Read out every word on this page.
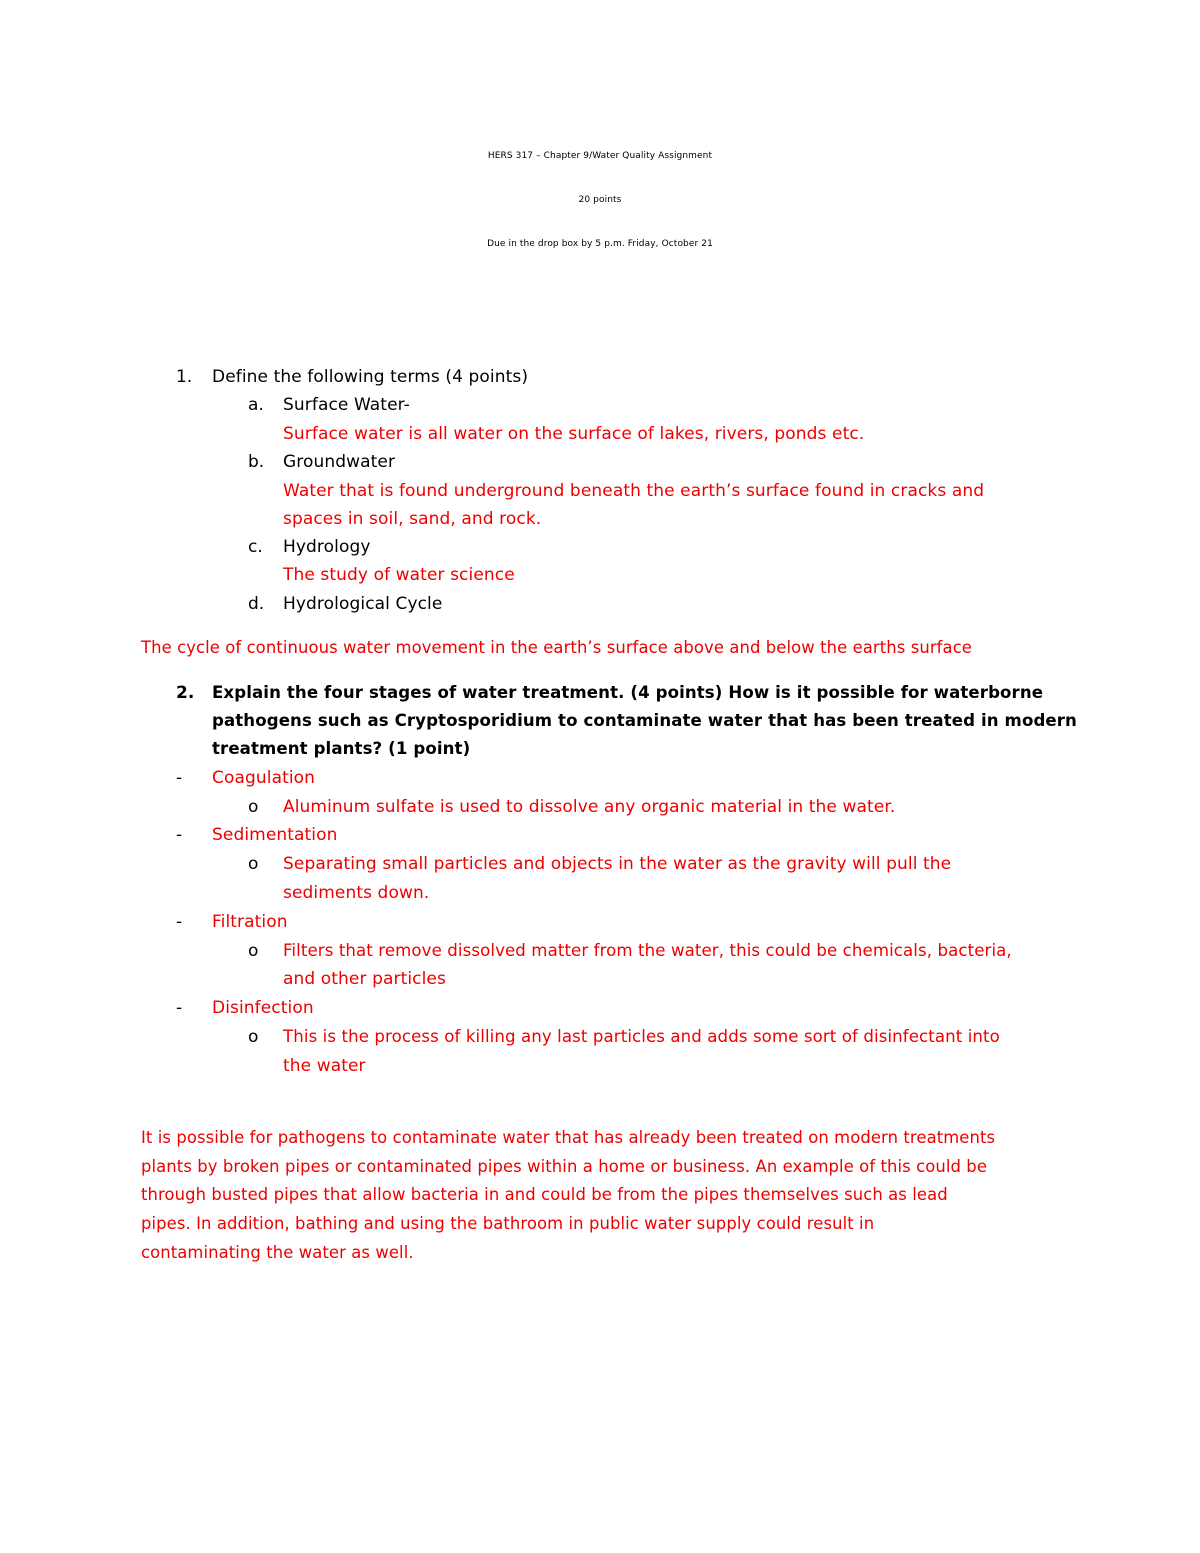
HERS 317 – Chapter 9/Water Quality Assignment
20 points
Due in the drop box by 5 p.m. Friday, October 21
1. Define the following terms (4 points)
a. Surface Water-
Surface water is all water on the surface of lakes, rivers, ponds etc.
b. Groundwater
Water that is found underground beneath the earth’s surface found in cracks and
spaces in soil, sand, and rock.
c. Hydrology
The study of water science
d. Hydrological Cycle
The cycle of continuous water movement in the earth’s surface above and below the earths surface
2. Explain the four stages of water treatment. (4 points) How is it possible for waterborne
pathogens such as Cryptosporidium to contaminate water that has been treated in modern
treatment plants? (1 point)
- Coagulation
o Aluminum sulfate is used to dissolve any organic material in the water.
- Sedimentation
o Separating small particles and objects in the water as the gravity will pull the
sediments down.
- Filtration
o Filters that remove dissolved matter from the water, this could be chemicals, bacteria,
and other particles
- Disinfection
o This is the process of killing any last particles and adds some sort of disinfectant into
the water
It is possible for pathogens to contaminate water that has already been treated on modern treatments
plants by broken pipes or contaminated pipes within a home or business. An example of this could be
through busted pipes that allow bacteria in and could be from the pipes themselves such as lead
pipes. In addition, bathing and using the bathroom in public water supply could result in
contaminating the water as well.
